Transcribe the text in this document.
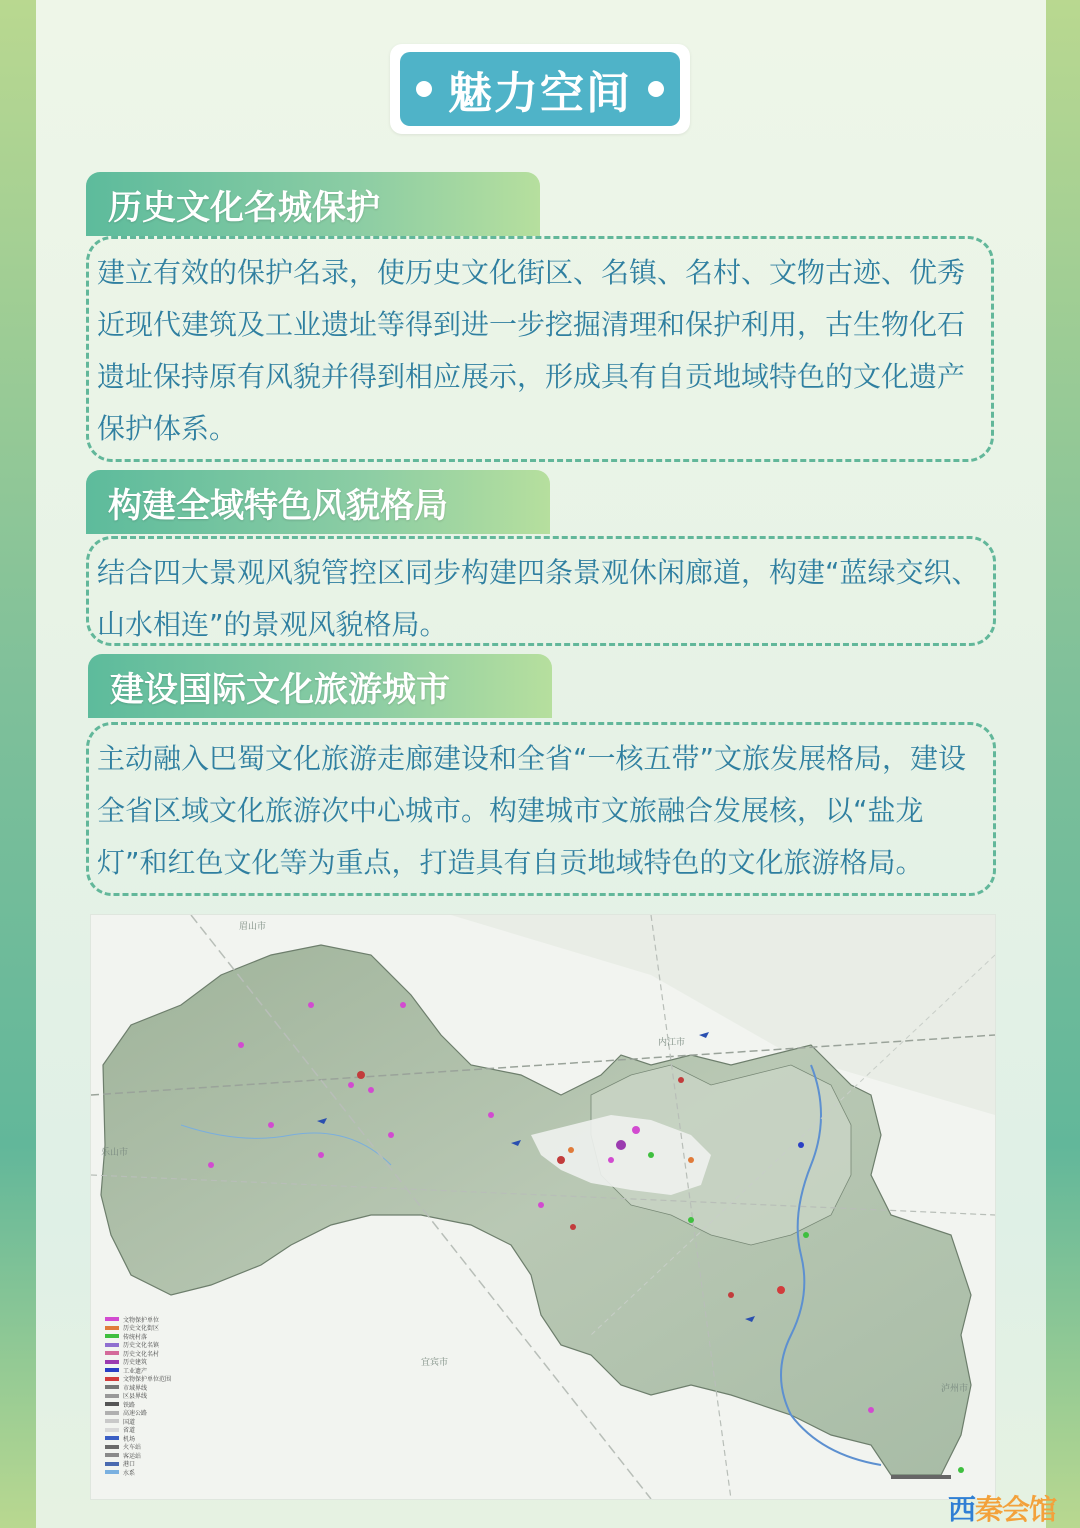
魅力空间
历史文化名城保护
建立有效的保护名录，使历史文化街区、名镇、名村、文物古迹、优秀近现代建筑及工业遗址等得到进一步挖掘清理和保护利用，古生物化石遗址保持原有风貌并得到相应展示，形成具有自贡地域特色的文化遗产保护体系。
构建全域特色风貌格局
结合四大景观风貌管控区同步构建四条景观休闲廊道，构建“蓝绿交织、山水相连”的景观风貌格局。
建设国际文化旅游城市
主动融入巴蜀文化旅游走廊建设和全省“一核五带”文旅发展格局，建设全省区域文化旅游次中心城市。构建城市文旅融合发展核，以“盐龙灯”和红色文化等为重点，打造具有自贡地域特色的文化旅游格局。
眉山市
内江市
乐山市
宜宾市
泸州市
文物保护单位
历史文化街区
传统村落
历史文化名镇
历史文化名村
历史建筑
工业遗产
文物保护单位范围
市域界线
区县界线
铁路
高速公路
国道
省道
机场
火车站
客运站
港口
水系
西秦会馆
